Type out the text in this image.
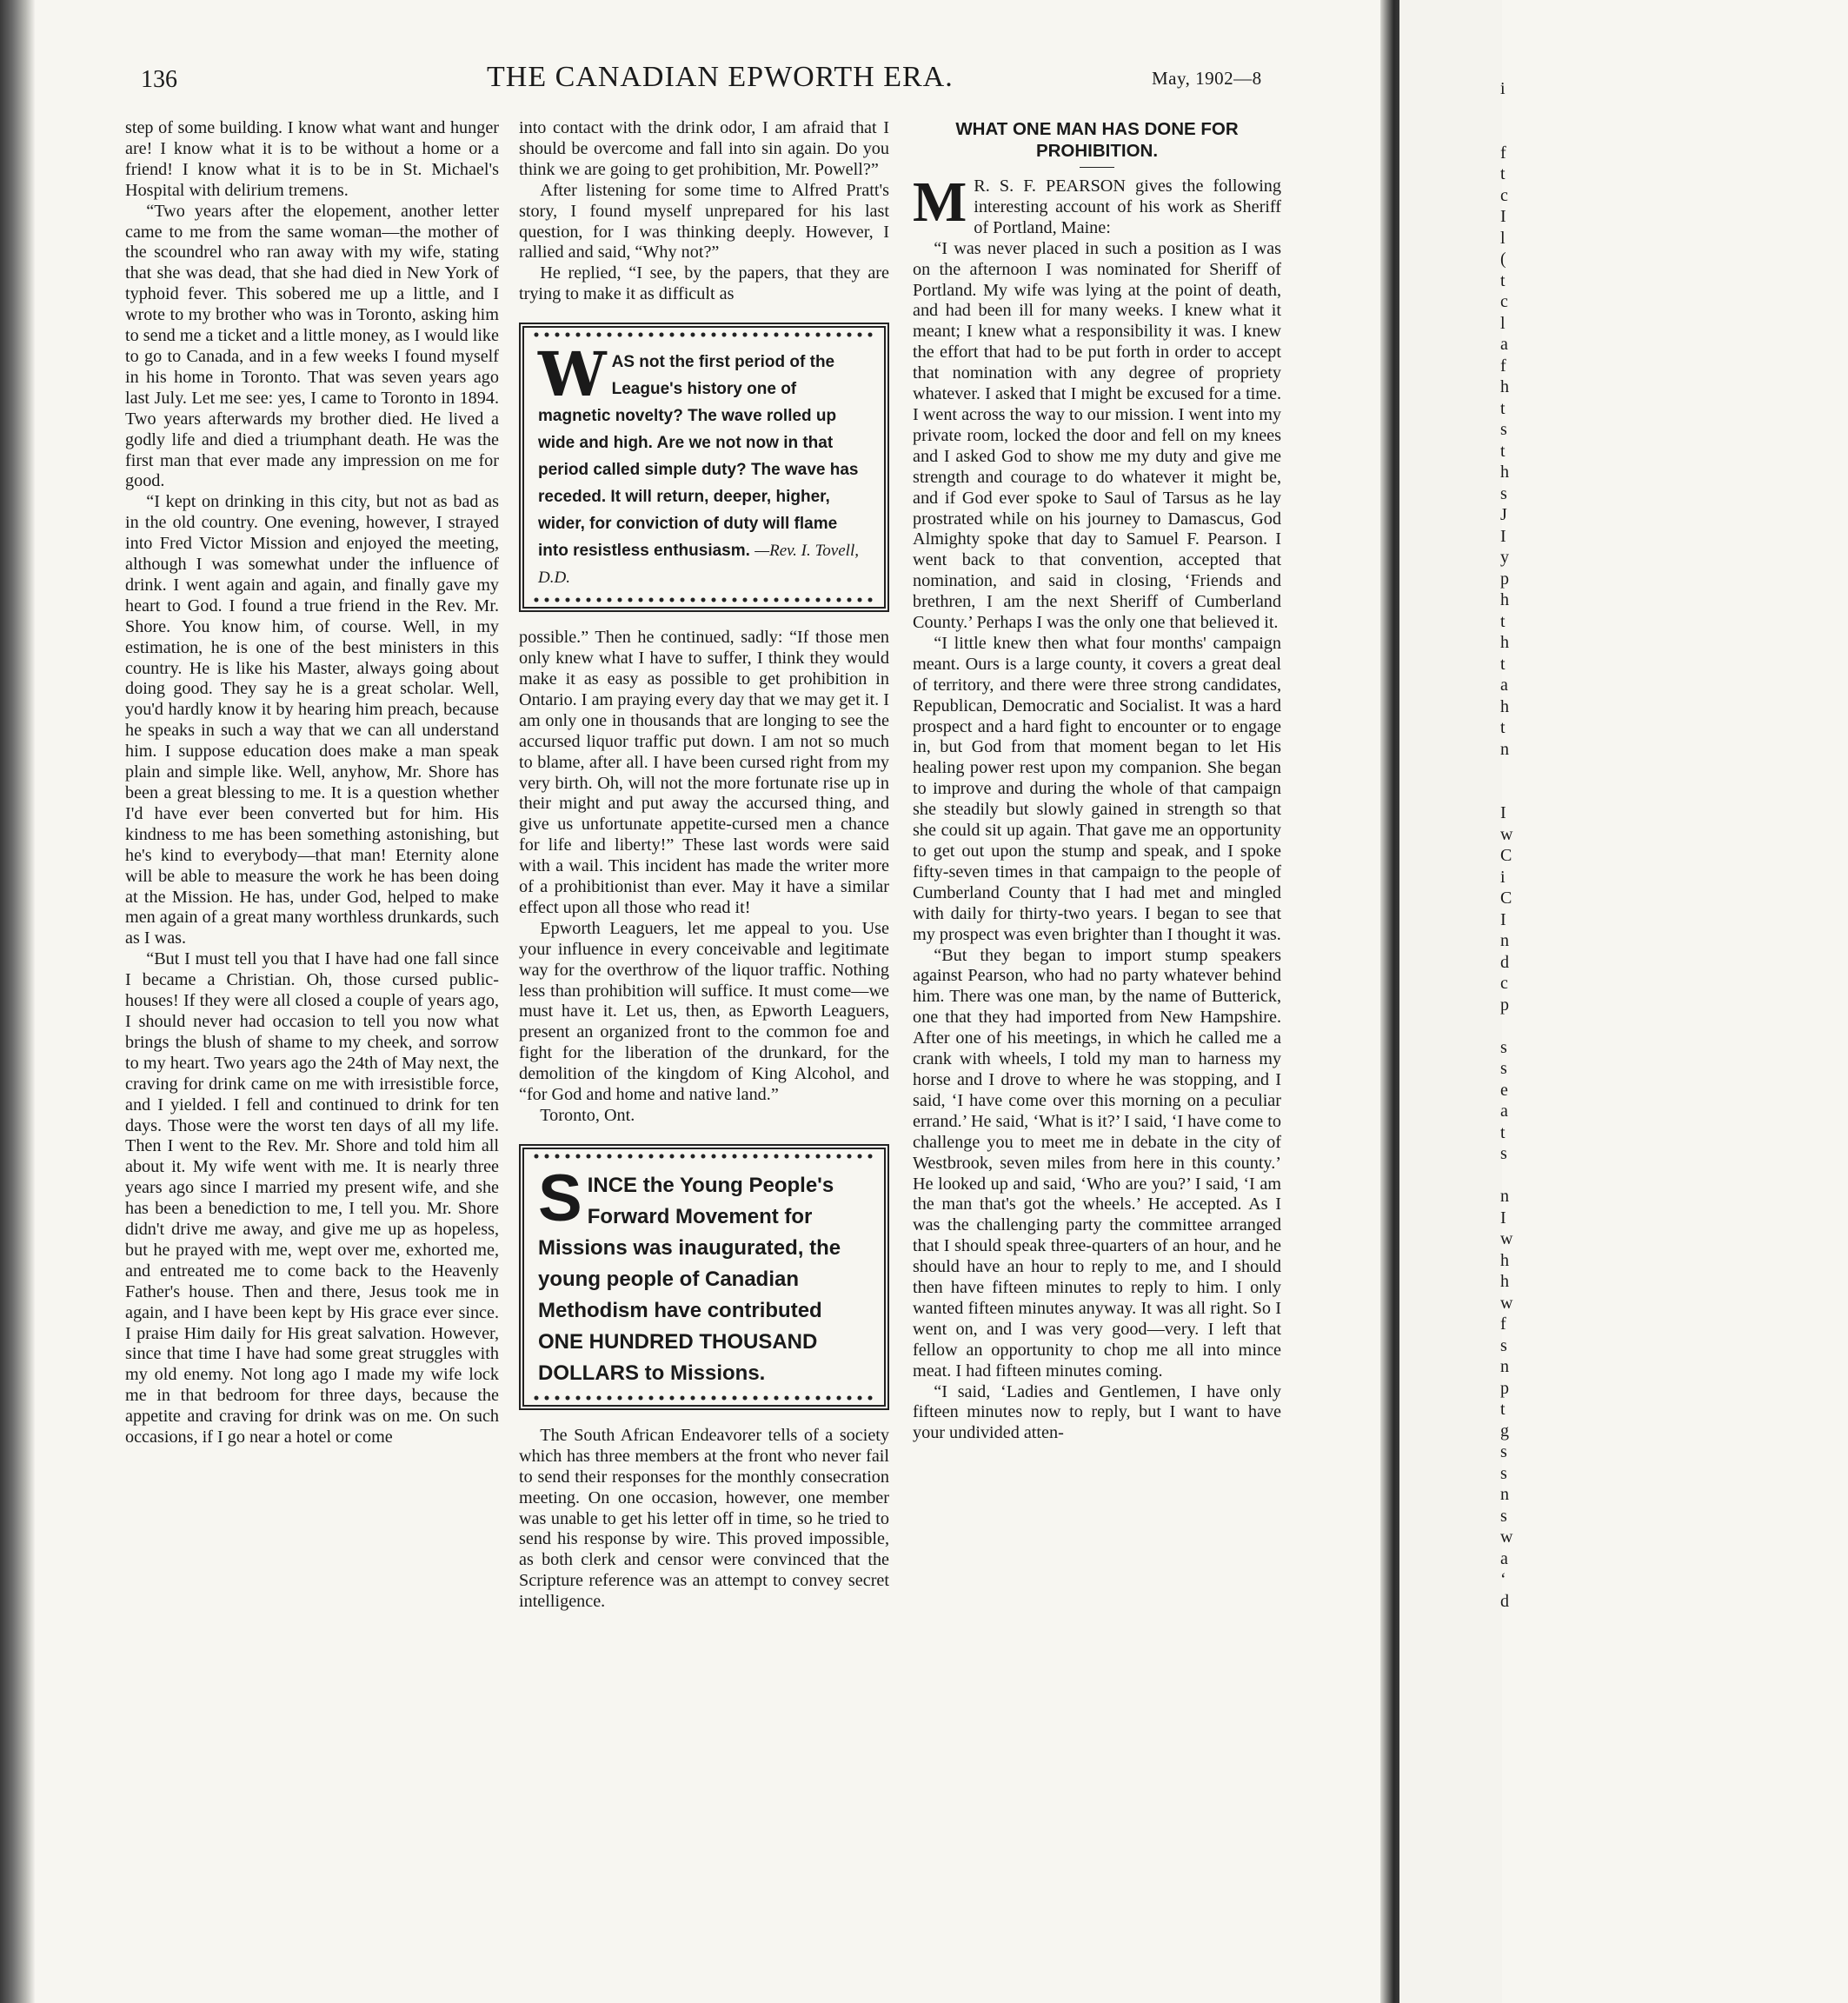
136	THE CANADIAN EPWORTH ERA.	May, 1902—8

step of some building. I know what want and hunger are! I know what it is to be without a home or a friend! I know what it is to be in St. Michael's Hospital with delirium tremens.

“Two years after the elopement, another letter came to me from the same woman—the mother of the scoundrel who ran away with my wife, stating that she was dead, that she had died in New York of typhoid fever. This sobered me up a little, and I wrote to my brother who was in Toronto, asking him to send me a ticket and a little money, as I would like to go to Canada, and in a few weeks I found myself in his home in Toronto. That was seven years ago last July. Let me see: yes, I came to Toronto in 1894. Two years afterwards my brother died. He lived a godly life and died a triumphant death. He was the first man that ever made any impression on me for good.

“I kept on drinking in this city, but not as bad as in the old country. One evening, however, I strayed into Fred Victor Mission and enjoyed the meeting, although I was somewhat under the influence of drink. I went again and again, and finally gave my heart to God. I found a true friend in the Rev. Mr. Shore. You know him, of course. Well, in my estimation, he is one of the best ministers in this country. He is like his Master, always going about doing good. They say he is a great scholar. Well, you'd hardly know it by hearing him preach, because he speaks in such a way that we can all understand him. I suppose education does make a man speak plain and simple like. Well, anyhow, Mr. Shore has been a great blessing to me. It is a question whether I'd have ever been converted but for him. His kindness to me has been something astonishing, but he's kind to everybody—that man! Eternity alone will be able to measure the work he has been doing at the Mission. He has, under God, helped to make men again of a great many worthless drunkards, such as I was.

“But I must tell you that I have had one fall since I became a Christian. Oh, those cursed public-houses! If they were all closed a couple of years ago, I should never had occasion to tell you now what brings the blush of shame to my cheek, and sorrow to my heart. Two years ago the 24th of May next, the craving for drink came on me with irresistible force, and I yielded. I fell and continued to drink for ten days. Those were the worst ten days of all my life. Then I went to the Rev. Mr. Shore and told him all about it. My wife went with me. It is nearly three years ago since I married my present wife, and she has been a benediction to me, I tell you. Mr. Shore didn't drive me away, and give me up as hopeless, but he prayed with me, wept over me, exhorted me, and entreated me to come back to the Heavenly Father's house. Then and there, Jesus took me in again, and I have been kept by His grace ever since. I praise Him daily for His great salvation. However, since that time I have had some great struggles with my old enemy. Not long ago I made my wife lock me in that bedroom for three days, because the appetite and craving for drink was on me. On such occasions, if I go near a hotel or come

into contact with the drink odor, I am afraid that I should be overcome and fall into sin again. Do you think we are going to get prohibition, Mr. Powell?”

After listening for some time to Alfred Pratt's story, I found myself unprepared for his last question, for I was thinking deeply. However, I rallied and said, “Why not?”

He replied, “I see, by the papers, that they are trying to make it as difficult as

W AS not the first period of the League's history one of magnetic novelty? The wave rolled up wide and high. Are we not now in that period called simple duty? The wave has receded. It will return, deeper, higher, wider, for conviction of duty will flame into resistless enthusiasm. —Rev. I. Tovell, D.D.

possible.” Then he continued, sadly: “If those men only knew what I have to suffer, I think they would make it as easy as possible to get prohibition in Ontario. I am praying every day that we may get it. I am only one in thousands that are longing to see the accursed liquor traffic put down. I am not so much to blame, after all. I have been cursed right from my very birth. Oh, will not the more fortunate rise up in their might and put away the accursed thing, and give us unfortunate appetite-cursed men a chance for life and liberty!” These last words were said with a wail. This incident has made the writer more of a prohibitionist than ever. May it have a similar effect upon all those who read it!

Epworth Leaguers, let me appeal to you. Use your influence in every conceivable and legitimate way for the overthrow of the liquor traffic. Nothing less than prohibition will suffice. It must come—we must have it. Let us, then, as Epworth Leaguers, present an organized front to the common foe and fight for the liberation of the drunkard, for the demolition of the kingdom of King Alcohol, and “for God and home and native land.”

Toronto, Ont.

S INCE the Young People's Forward Movement for Missions was inaugurated, the young people of Canadian Methodism have contributed ONE HUNDRED THOUSAND DOLLARS to Missions.

The South African Endeavorer tells of a society which has three members at the front who never fail to send their responses for the monthly consecration meeting. On one occasion, however, one member was unable to get his letter off in time, so he tried to send his response by wire. This proved impossible, as both clerk and censor were convinced that the Scripture reference was an attempt to convey secret intelligence.

WHAT ONE MAN HAS DONE FOR PROHIBITION.

M R. S. F. PEARSON gives the following interesting account of his work as Sheriff of Portland, Maine:

“I was never placed in such a position as I was on the afternoon I was nominated for Sheriff of Portland. My wife was lying at the point of death, and had been ill for many weeks. I knew what it meant; I knew what a responsibility it was. I knew the effort that had to be put forth in order to accept that nomination with any degree of propriety whatever. I asked that I might be excused for a time. I went across the way to our mission. I went into my private room, locked the door and fell on my knees and I asked God to show me my duty and give me strength and courage to do whatever it might be, and if God ever spoke to Saul of Tarsus as he lay prostrated while on his journey to Damascus, God Almighty spoke that day to Samuel F. Pearson. I went back to that convention, accepted that nomination, and said in closing, ‘Friends and brethren, I am the next Sheriff of Cumberland County.’ Perhaps I was the only one that believed it.

“I little knew then what four months' campaign meant. Ours is a large county, it covers a great deal of territory, and there were three strong candidates, Republican, Democratic and Socialist. It was a hard prospect and a hard fight to encounter or to engage in, but God from that moment began to let His healing power rest upon my companion. She began to improve and during the whole of that campaign she steadily but slowly gained in strength so that she could sit up again. That gave me an opportunity to get out upon the stump and speak, and I spoke fifty-seven times in that campaign to the people of Cumberland County that I had met and mingled with daily for thirty-two years. I began to see that my prospect was even brighter than I thought it was.

“But they began to import stump speakers against Pearson, who had no party whatever behind him. There was one man, by the name of Butterick, one that they had imported from New Hampshire. After one of his meetings, in which he called me a crank with wheels, I told my man to harness my horse and I drove to where he was stopping, and I said, ‘I have come over this morning on a peculiar errand.’ He said, ‘What is it?’ I said, ‘I have come to challenge you to meet me in debate in the city of Westbrook, seven miles from here in this county.’ He looked up and said, ‘Who are you?’ I said, ‘I am the man that's got the wheels.’ He accepted. As I was the challenging party the committee arranged that I should speak three-quarters of an hour, and he should have an hour to reply to me, and I should then have fifteen minutes to reply to him. I only wanted fifteen minutes anyway. It was all right. So I went on, and I was very good—very. I left that fellow an opportunity to chop me all into mince meat. I had fifteen minutes coming.

“I said, ‘Ladies and Gentlemen, I have only fifteen minutes now to reply, but I want to have your undivided atten-

i

f

t

c

I

l

(

t

c

l

a

f

h

t

s

t

h

s

J

I

y

p

h

t

h

t

a

h

t

n

I

w

C

i

C

I

n

d

c

p

s

s

e

a

t

s

n

I

w

h

h

w

f

s

n

p

t

g

s

s

n

s

w

a

‘

d
